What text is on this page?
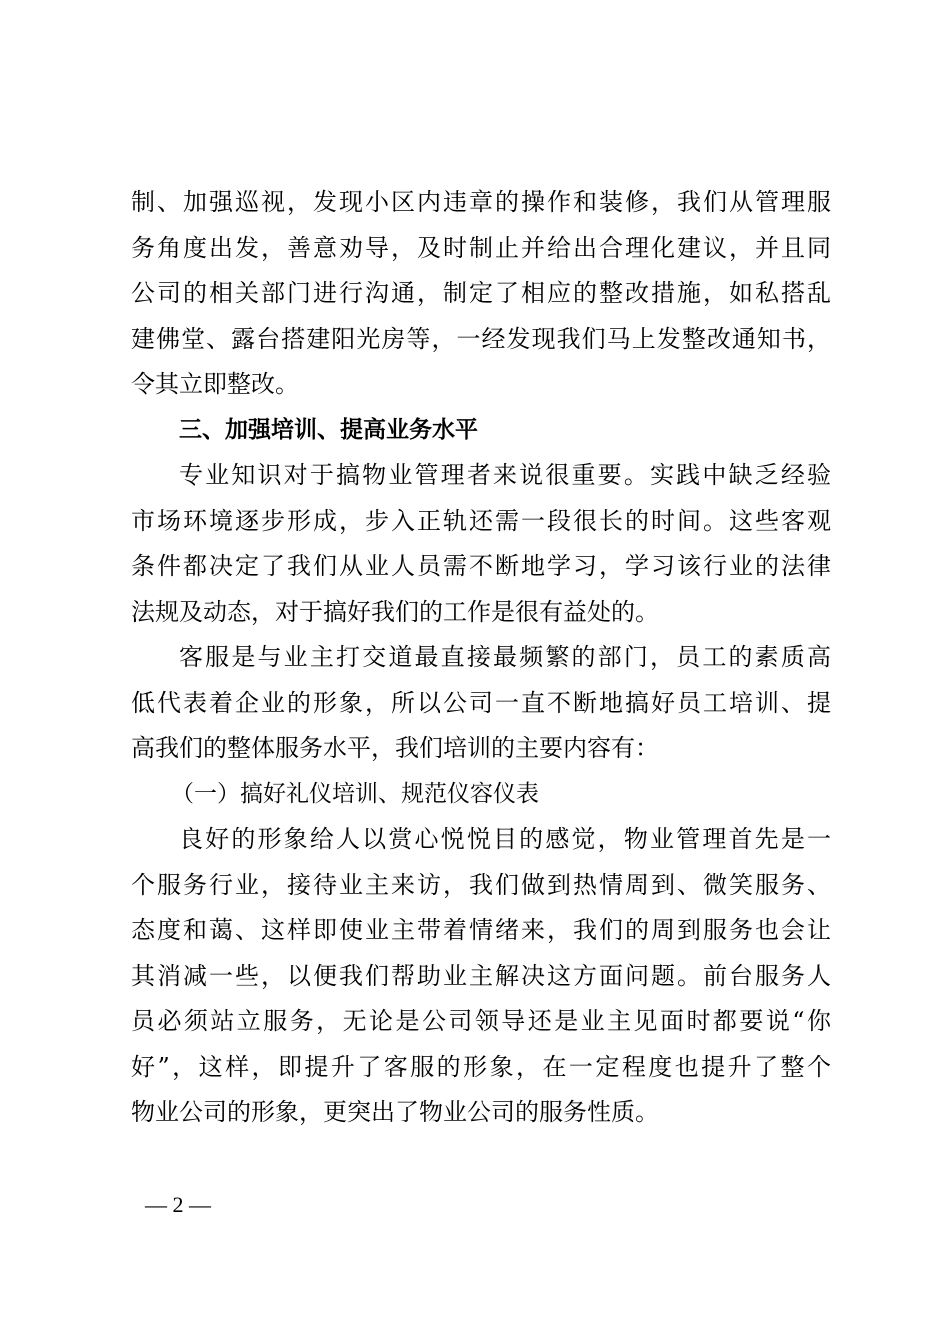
制、加强巡视，发现小区内违章的操作和装修，我们从管理服
务角度出发，善意劝导，及时制止并给出合理化建议，并且同
公司的相关部门进行沟通，制定了相应的整改措施，如私搭乱
建佛堂、露台搭建阳光房等，一经发现我们马上发整改通知书，
令其立即整改。
三、加强培训、提高业务水平
专业知识对于搞物业管理者来说很重要。实践中缺乏经验
市场环境逐步形成，步入正轨还需一段很长的时间。这些客观
条件都决定了我们从业人员需不断地学习，学习该行业的法律
法规及动态，对于搞好我们的工作是很有益处的。
客服是与业主打交道最直接最频繁的部门，员工的素质高
低代表着企业的形象，所以公司一直不断地搞好员工培训、提
高我们的整体服务水平，我们培训的主要内容有：
（一）搞好礼仪培训、规范仪容仪表
良好的形象给人以赏心悦悦目的感觉，物业管理首先是一
个服务行业，接待业主来访，我们做到热情周到、微笑服务、
态度和蔼、这样即使业主带着情绪来，我们的周到服务也会让
其消减一些，以便我们帮助业主解决这方面问题。前台服务人
员必须站立服务，无论是公司领导还是业主见面时都要说“你
好”，这样，即提升了客服的形象，在一定程度也提升了整个
物业公司的形象，更突出了物业公司的服务性质。
— 2 —
